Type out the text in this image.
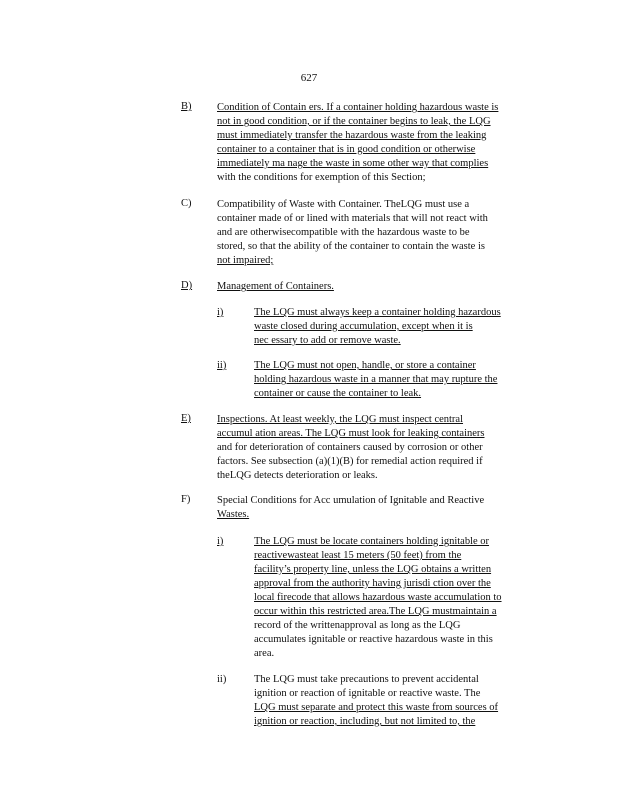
627
B) Condition of Contain ers. If a container holding hazardous waste is
not in good condition, or if the container begins to leak, the LQG
must immediately transfer the hazardous waste from the leaking
container to a container that is in good condition or otherwise
immediately ma nage the waste in some other way that complies
with the conditions for exemption of this Section;
C) Compatibility of Waste with Container. TheLQG must use a
container made of or lined with materials that will not react with
and are otherwisecompatible with the hazardous waste to be
stored, so that the ability of the container to contain the waste is
not impaired;
D) Management of Containers.
i)	The LQG must always keep a container holding hazardous
waste closed during accumulation, except when it is
nec essary to add or remove waste.
ii)	The LQG must not open, handle, or store a container
holding hazardous waste in a manner that may rupture the
container or cause the container to leak.
E) Inspections. At least weekly, the LQG must inspect central
accumul ation areas. The LQG must look for leaking containers
and for deterioration of containers caused by corrosion or other
factors. See subsection (a)(1)(B) for remedial action required if
theLQG detects deterioration or leaks.
F)	Special Conditions for Acc umulation of Ignitable and Reactive
Wastes.
i)	The LQG must be locate containers holding ignitable or
reactivewasteat least 15 meters (50 feet) from the
facility’s property line, unless the LQG obtains a written
approval from the authority having jurisdi ction over the
local firecode that allows hazardous waste accumulation to
occur within this restricted area.The LQG mustmaintain a
record of the writtenapproval as long as the LQG
accumulates ignitable or reactive hazardous waste in this
area.
ii)	The LQG must take precautions to prevent accidental
ignition or reaction of ignitable or reactive waste. The
LQG must separate and protect this waste from sources of
ignition or reaction, including, but not limited to, the
